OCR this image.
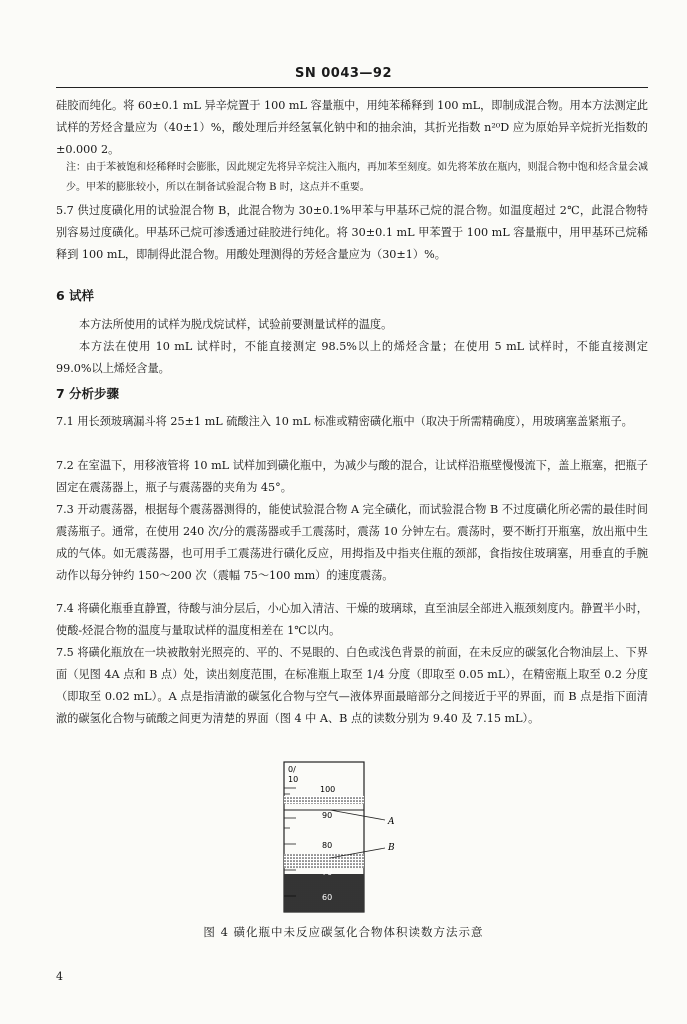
SN 0043—92

硅胶而纯化。将 60±0.1 mL 异辛烷置于 100 mL 容量瓶中，用纯苯稀释到 100 mL，即制成混合物。用本方法测定此试样的芳烃含量应为（40±1）%，酸处理后并经氢氧化钠中和的抽余油，其折光指数 n²⁰D 应为原始异辛烷折光指数的 ±0.000 2。

注：由于苯被饱和烃稀释时会膨胀，因此规定先将异辛烷注入瓶内，再加苯至刻度。如先将苯放在瓶内，则混合物中饱和烃含量会减少。甲苯的膨胀较小，所以在制备试验混合物 B 时，这点并不重要。

5.7 供过度磺化用的试验混合物 B，此混合物为 30±0.1%甲苯与甲基环己烷的混合物。如温度超过 2℃，此混合物特别容易过度磺化。甲基环己烷可渗透通过硅胶进行纯化。将 30±0.1 mL 甲苯置于 100 mL 容量瓶中，用甲基环己烷稀释到 100 mL，即制得此混合物。用酸处理测得的芳烃含量应为（30±1）%。

6 试样

本方法所使用的试样为脱戊烷试样，试验前要测量试样的温度。

本方法在使用 10 mL 试样时，不能直接测定 98.5%以上的烯烃含量；在使用 5 mL 试样时，不能直接测定 99.0%以上烯烃含量。

7 分析步骤

7.1 用长颈玻璃漏斗将 25±1 mL 硫酸注入 10 mL 标准或精密磺化瓶中（取决于所需精确度），用玻璃塞盖紧瓶子。

7.2 在室温下，用移液管将 10 mL 试样加到磺化瓶中，为减少与酸的混合，让试样沿瓶壁慢慢流下，盖上瓶塞，把瓶子固定在震荡器上，瓶子与震荡器的夹角为 45°。

7.3 开动震荡器，根据每个震荡器测得的，能使试验混合物 A 完全磺化，而试验混合物 B 不过度磺化所必需的最佳时间震荡瓶子。通常，在使用 240 次/分的震荡器或手工震荡时，震荡 10 分钟左右。震荡时，要不断打开瓶塞，放出瓶中生成的气体。如无震荡器，也可用手工震荡进行磺化反应，用拇指及中指夹住瓶的颈部，食指按住玻璃塞，用垂直的手腕动作以每分钟约 150～200 次（震幅 75～100 mm）的速度震荡。

7.4 将磺化瓶垂直静置，待酸与油分层后，小心加入清洁、干燥的玻璃球，直至油层全部进入瓶颈刻度内。静置半小时，使酸-烃混合物的温度与量取试样的温度相差在 1℃以内。

7.5 将磺化瓶放在一块被散射光照亮的、平的、不晃眼的、白色或浅色背景的前面，在未反应的碳氢化合物油层上、下界面（见图 4A 点和 B 点）处，读出刻度范围，在标准瓶上取至 1/4 分度（即取至 0.05 mL），在精密瓶上取至 0.2 分度（即取至 0.02 mL）。A 点是指清澈的碳氢化合物与空气—液体界面最暗部分之间接近于平的界面，而 B 点是指下面清澈的碳氢化合物与硫酸之间更为清楚的界面（图 4 中 A、B 点的读数分别为 9.40 及 7.15 mL）。

0/
10
100
90
80
70
60
A
B
图 4 磺化瓶中未反应碳氢化合物体积读数方法示意
4
